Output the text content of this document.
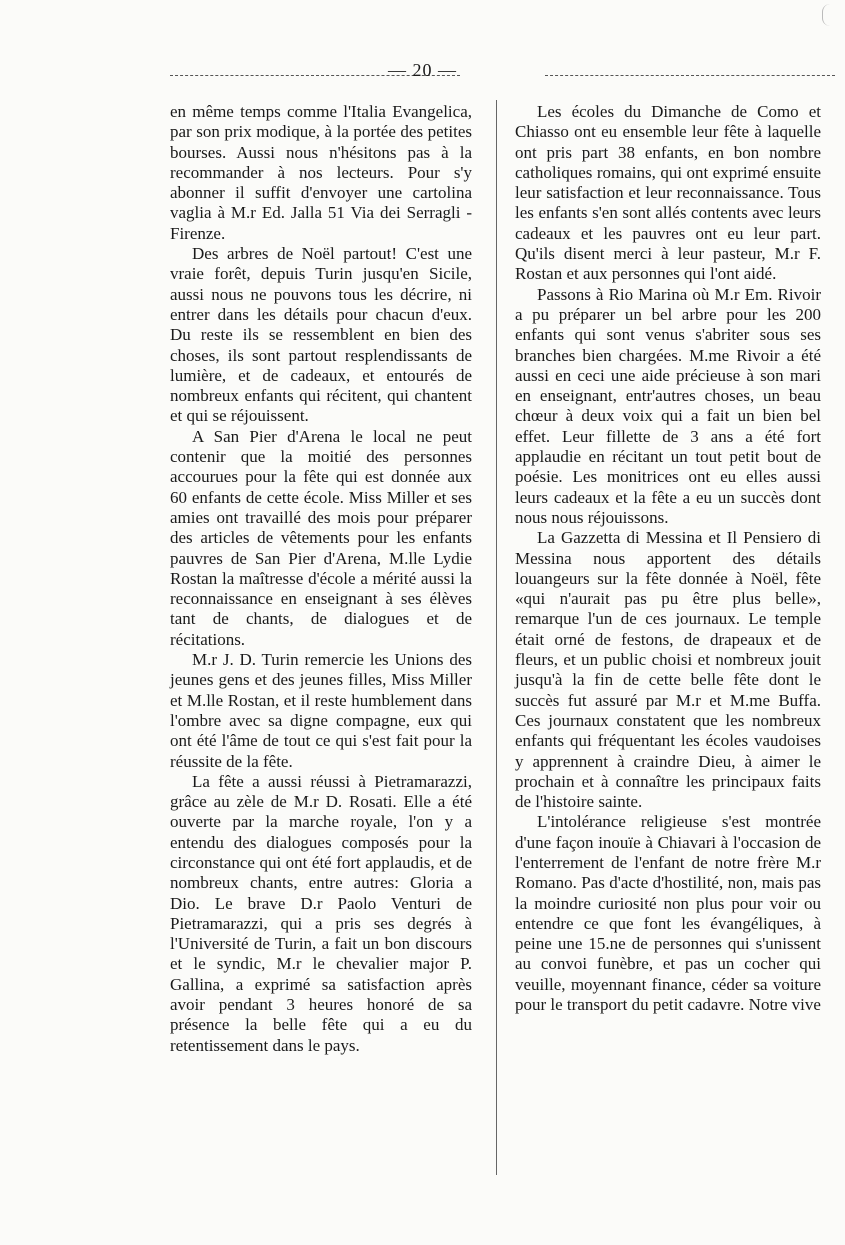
— 20 —

en même temps comme l'Italia Evangelica, par son prix modique, à la portée des petites bourses. Aussi nous n'hésitons pas à la recommander à nos lecteurs. Pour s'y abonner il suffit d'envoyer une cartolina vaglia à M.r Ed. Jalla 51 Via dei Serragli - Firenze.

Des arbres de Noël partout! C'est une vraie forêt, depuis Turin jusqu'en Sicile, aussi nous ne pouvons tous les décrire, ni entrer dans les détails pour chacun d'eux. Du reste ils se ressemblent en bien des choses, ils sont partout resplendissants de lumière, et de cadeaux, et entourés de nombreux enfants qui récitent, qui chantent et qui se réjouissent.

A San Pier d'Arena le local ne peut contenir que la moitié des personnes accourues pour la fête qui est donnée aux 60 enfants de cette école. Miss Miller et ses amies ont travaillé des mois pour préparer des articles de vêtements pour les enfants pauvres de San Pier d'Arena, M.lle Lydie Rostan la maîtresse d'école a mérité aussi la reconnaissance en enseignant à ses élèves tant de chants, de dialogues et de récitations.

M.r J. D. Turin remercie les Unions des jeunes gens et des jeunes filles, Miss Miller et M.lle Rostan, et il reste humblement dans l'ombre avec sa digne compagne, eux qui ont été l'âme de tout ce qui s'est fait pour la réussite de la fête.

La fête a aussi réussi à Pietramarazzi, grâce au zèle de M.r D. Rosati. Elle a été ouverte par la marche royale, l'on y a entendu des dialogues composés pour la circonstance qui ont été fort applaudis, et de nombreux chants, entre autres: Gloria a Dio. Le brave D.r Paolo Venturi de Pietramarazzi, qui a pris ses degrés à l'Université de Turin, a fait un bon discours et le syndic, M.r le chevalier major P. Gallina, a exprimé sa satisfaction après avoir pendant 3 heures honoré de sa présence la belle fête qui a eu du retentissement dans le pays.

Les écoles du Dimanche de Como et Chiasso ont eu ensemble leur fête à laquelle ont pris part 38 enfants, en bon nombre catholiques romains, qui ont exprimé ensuite leur satisfaction et leur reconnaissance. Tous les enfants s'en sont allés contents avec leurs cadeaux et les pauvres ont eu leur part. Qu'ils disent merci à leur pasteur, M.r F. Rostan et aux personnes qui l'ont aidé.

Passons à Rio Marina où M.r Em. Rivoir a pu préparer un bel arbre pour les 200 enfants qui sont venus s'abriter sous ses branches bien chargées. M.me Rivoir a été aussi en ceci une aide précieuse à son mari en enseignant, entr'autres choses, un beau chœur à deux voix qui a fait un bien bel effet. Leur fillette de 3 ans a été fort applaudie en récitant un tout petit bout de poésie. Les monitrices ont eu elles aussi leurs cadeaux et la fête a eu un succès dont nous nous réjouissons.

La Gazzetta di Messina et Il Pensiero di Messina nous apportent des détails louangeurs sur la fête donnée à Noël, fête «qui n'aurait pas pu être plus belle», remarque l'un de ces journaux. Le temple était orné de festons, de drapeaux et de fleurs, et un public choisi et nombreux jouit jusqu'à la fin de cette belle fête dont le succès fut assuré par M.r et M.me Buffa. Ces journaux constatent que les nombreux enfants qui fréquentant les écoles vaudoises y apprennent à craindre Dieu, à aimer le prochain et à connaître les principaux faits de l'histoire sainte.

L'intolérance religieuse s'est montrée d'une façon inouïe à Chiavari à l'occasion de l'enterrement de l'enfant de notre frère M.r Romano. Pas d'acte d'hostilité, non, mais pas la moindre curiosité non plus pour voir ou entendre ce que font les évangéliques, à peine une 15.ne de personnes qui s'unissent au convoi funèbre, et pas un cocher qui veuille, moyennant finance, céder sa voiture pour le transport du petit cadavre. Notre vive
